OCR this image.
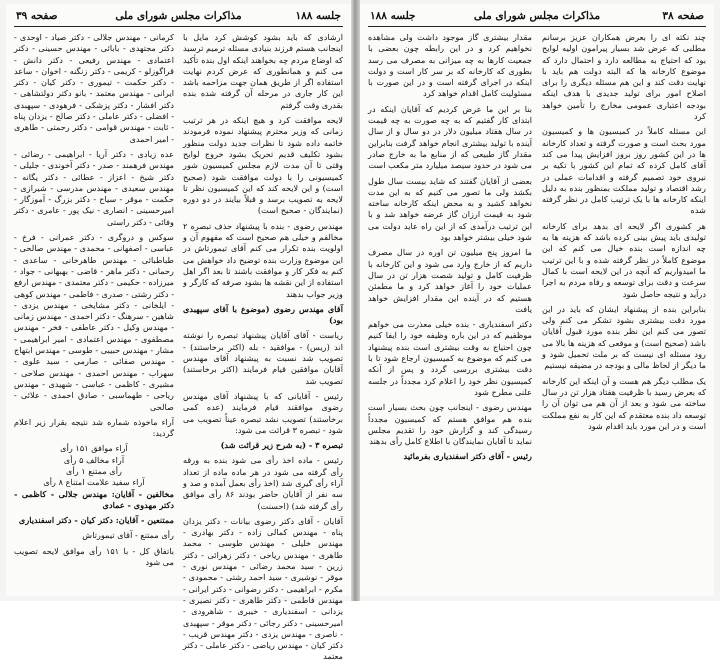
جلسه ۱۸۸
مذاکرات مجلس شورای ملی
صفحه ۳۹

ارشادی که باید بشود کوشش کرد مایل با اینجانب هستم فرزند بنیادی مسئله ترمیم ترسید که اوضاع مردم چه بخواهند اینکه اول بنده تأکید می کنم و همانطوری که عرض کردم نهایت استفاده اگر از طریق همان جهت مزاحمه باشد این کار جاری در مرحله آن گرفته شده بنده بقدری وقت گرفتم

لایحه موافقت کرد و هیچ اینکه در هر ترتیب زمانی که وزیر محترم پیشنهاد نموده فرمودند خاتمه داده شود تا نظرات جدید دولت منظور بشود تکلیف قدیم تحریک بشود خروج لوایح وقتی تا آن مدت لازم مجلس کمیسیون شور کمیسیونی را با دولت موافقت شود (صحیح است) و این لایحه کند که این کمیسیون نظر تا لایحه به تصویب برسد و قبلاً بیایند در دو دوره (نمایندگان - صحیح است)

مهندس رضوی - بنده با پیشنهاد حذف تبصره ۲ مخالفم و خیلی هم صحیح است که مفهوم آن و اولویت بنده تکرار می کنم آقای تیمورتاش در این موضوع وزارت بنده توضیح داد خواهش می کنم به فکر کار و موافقت باشند تا بعد اگر اهل استفاده از این نقشه ها بشود صرفه که کارگر و وزیر جواب بدهند

آقای مهندس رضوی (موضوع با آقای سپهبدی بود)

ریاست - آقای آقایان پیشنهاد تبصره را نوشته اند (ریس) - موافقید - بله (اکثر برخاستند) - تصویب شد نسبت به پیشنهاد آقای مهندس آقایان موافقین قیام فرمایند (اکثر برخاستند) تصویب شد

رئیس - آقایانی که با پیشنهاد آقای مهندس رضوی موافقند قیام فرمایند (عده کمی برخاستند) تصویب نشد تبصره عیناً تصویب می شود - تبصره ۳ قرائت می شود:

تبصره ۳ - (به شرح زیر قرائت شد)

رئیس - ماده اخذ رأی می شود بنده به ورقه رأی گرفته می شود در هر ماده ماده از تعداد آراء رأی گیری شد (اخذ رأی بعمل آمده و صد و سه نفر از آقایان حاضر بودند ۸۶ رأی موافق رأی گرفته شد) (احسنت)

آقایان - آقای دکتر رضوی بیانات - دکتر یزدان پناه - مهندس کمالی زاده - دکتر بهادری - مهندس خلیلی - مهندس طوسی - محمد طاهری - مهندس ریاحی - دکتر زهرائی - دکتر زرین - سید محمد رضائی - مهندس نوری - موقر - نوشیری - سید احمد رشتی - محمودی - مکرم - ابراهیمی - دکتر رضوانی - دکتر ایرانی - مهندس فاطمی - دکتر طاهری - دکتر نصیری - یزدانی - اسفندیاری - خیبری - شاهرودی - امیرحسینی - دکتر رجائی - دکتر موقر - سپهبدی - ناصری - مهندس یزدی - دکتر مهندس قریب - دکتر کیان - مهندس ریاضی - دکتر عاملی - دکتر معتمد

کرمانی - مهندس جلالی - دکتر صیاد - اوحدی - دکتر مجتهدی - بابائی - مهندس حسینی - دکتر اعتمادی - مهندس رفیعی - دکتر دانش - قراگوزلو - کریمی - دکتر زنگنه - اخوان - ساعد - دکتر حکمت - تیموری - دکتر کیان - دکتر ایرانی - مهندس معتمد - بانو دکتر دولتشاهی - دکتر افشار - دکتر پزشکی - فرهودی - سپهبدی - افضلی - دکتر عاملی - دکتر صالح - یزدان پناه - ثابت - مهندس قوامی - دکتر رحمتی - طاهری - امیر احمدی

عده زیادی - دکتر آریا - ابراهیمی - رضائی - مهندس فرهمند - صدر - دکتر آخوندی - جلیلی - دکتر شیخ - اعزاز - عطائی - دکتر یگانه - مهندس سعیدی - مهندس مدرسی - شیرازی - حکمت - موقر - سیاح - دکتر بزرگ - آموزگار - امیرحسینی - انصاری - نیک پور - عامری - دکتر وفائی - دکتر راستی

سوکس و دروگری - دکتر عمرانی - فرخ - عباسی - اصفهانی - محمدی - مهندس صالحی - طباطبائی - مهندس طاهرخانی - ساعدی - رحمانی - دکتر ماهر - قاضی - بهبهانی - جواد - میرزاده - حکیمی - دکتر معتمدی - مهندس ارفع - دکتر رشتی - صدری - فاطمی - مهندس کوهی - ایلخانی - دکتر مشایخی - مهندس یزدی - شاهین - سرهنگ - دکتر احمدی - مهندس زمانی - مهندس وکیل - دکتر عاطفی - فخر - مهندس مصطفوی - مهندس اعتمادی - امیر ابراهیمی - مشار - مهندس حبیبی - طوسی - مهندس ابتهاج - مهندس صفائی - صارمی - سید علوی - سهراب - مهندس احمدی - مهندس صلاحی - مشیری - کاظمی - عباسی - شهیدی - مهندس ریاحی - طهماسبی - صادق احمدی - علائی - صالحی

آراء ماخوذه شماره شد نتیجه بقرار زیر اعلام گردید:

آراء موافق ۱۵۱ رأی
آراء مخالف ۵ رأی
رأی ممتنع ۱ رأی
آراء سفید علامت امتناع ۸ رأی

مخالفین - آقایان: مهندس جلالی - کاظمی - دکتر مهدوی - عمادی

ممتنعین - آقایان: دکتر کیان - دکتر اسفندیاری

رأی ممتنع - آقای تیمورتاش

باتفاق کل - با ۱۵۱ رأی موافق لایحه تصویب می شود

صفحه ۳۸
مذاکرات مجلس شورای ملی
جلسه ۱۸۸

چند نکته ای را بعرض همکاران عزیز برسانم مطلبی که عرض شد بسیار پیرامون اولیه لوایح بود که احتیاج به مطالعه دارد و احتمال دارد که موضوع کارخانه ها که البته دولت هم باید با نهایت دقت کند و این هم مسئله دیگری را برای اصلاح امور برای تولید جدیدی با هدف اینکه بودجه اعتباری عمومی مخارج را تأمین خواهد کرد

این مسئله کاملاً در کمیسیون ها و کمیسیون مورد بحث است و صورت گرفته و تعداد کارخانه ها در این کشور روز بروز افزایش پیدا می کند آقای کامل کرده که تمام این کشور با تکیه بر نیروی خود تصمیم گرفته و اقدامات عملی در رشد اقتصاد و تولید مملکت بمنظور بنده به دلیل اینکه کارخانه ها با یک ترتیب کامل در نظر گرفته شده

هر کشوری اگر لایحه ای بدهد برای کارخانه تولیدی باید پیش بینی کرده باشد که هزینه ها به چه اندازه است بنده خیال می کنم که این موضوع کاملاً در نظر گرفته شده و با این ترتیب ما امیدواریم که آنچه در این لایحه است با کمال سرعت و دقت برای توسعه و رفاه مردم به اجرا درآید و نتیجه حاصل شود

بنابراین بنده از پیشنهاد ایشان که باید در این مورد دقت بیشتری بشود تشکر می کنم ولی تصور می کنم این نظر بنده مورد قبول آقایان باشد (صحیح است) و موقعی که هزینه ها بالا می رود مسئله ای نیست که بر ملت تحمیل شود و ما دیگر از لحاظ مالی و بودجه در مضیقه نیستیم

یک مطلب دیگر هم هست و آن اینکه این کارخانه که بعرض رسید با ظرفیت هفتاد هزار تن در سال ساخته می شود و بعد از آن هم می توان آن را توسعه داد بنده معتقدم که این کار به نفع مملکت است و در این مورد باید اقدام شود

مقدار بیشتری گاز موجود داشت ولی مشاهده نخواهیم کرد و در این رابطه چون بعضی با جمعیت کارها به چه میزانی به مصرف می رسد بطوری که کارخانه که بر سر کار است و دولت اینکه در اجرای گرفته است و در این صورت با مسئولیت کامل اقدام خواهد کرد

بنا بر این ما عرض کردیم که آقایان اینکه در ابتدای کار گفتیم که به چه صورت به چه قیمت در سال هفتاد میلیون دلار در دو سال و از سال آینده با تولید بیشتری انجام خواهد گرفت بنابراین مقدار گاز طبیعی که از منابع ما به خارج صادر می شود در حدود سیصد میلیارد متر مکعب است

بعضی از آقایان گفتند که شاید بیست سال طول بکشد ولی ما تصور می کنیم که به این مدت نخواهد کشید و به محض اینکه کارخانه ساخته شود به قیمت ارزان گاز عرضه خواهد شد و با این ترتیب درآمدی که از این راه عاید دولت می شود خیلی بیشتر خواهد بود

ما امروز پنج میلیون تن اوره در سال مصرف داریم که از خارج وارد می شود و این کارخانه با ظرفیت کامل و تولید شصت هزار تن در سال عملیات خود را آغاز خواهد کرد و ما مطمئن هستیم که در آینده این مقدار افزایش خواهد یافت

دکتر اسفندیاری - بنده خیلی معذرت می خواهم موظفیم که در این باره وظیفه خود را ایفا کنیم چون احتیاج به وقت بیشتری است بنده پیشنهاد می کنم که موضوع به کمیسیون ارجاع شود تا با دقت بیشتری بررسی گردد و پس از آنکه کمیسیون نظر خود را اعلام کرد مجدداً در جلسه علنی مطرح شود

مهندس رضوی - اینجانب چون بحث بسیار است بنده هم موافق هستم که کمیسیون مجدداً رسیدگی کند و گزارش خود را تقدیم مجلس نماید تا آقایان نمایندگان با اطلاع کامل رأی بدهند

رئیس - آقای دکتر اسفندیاری بفرمائید
